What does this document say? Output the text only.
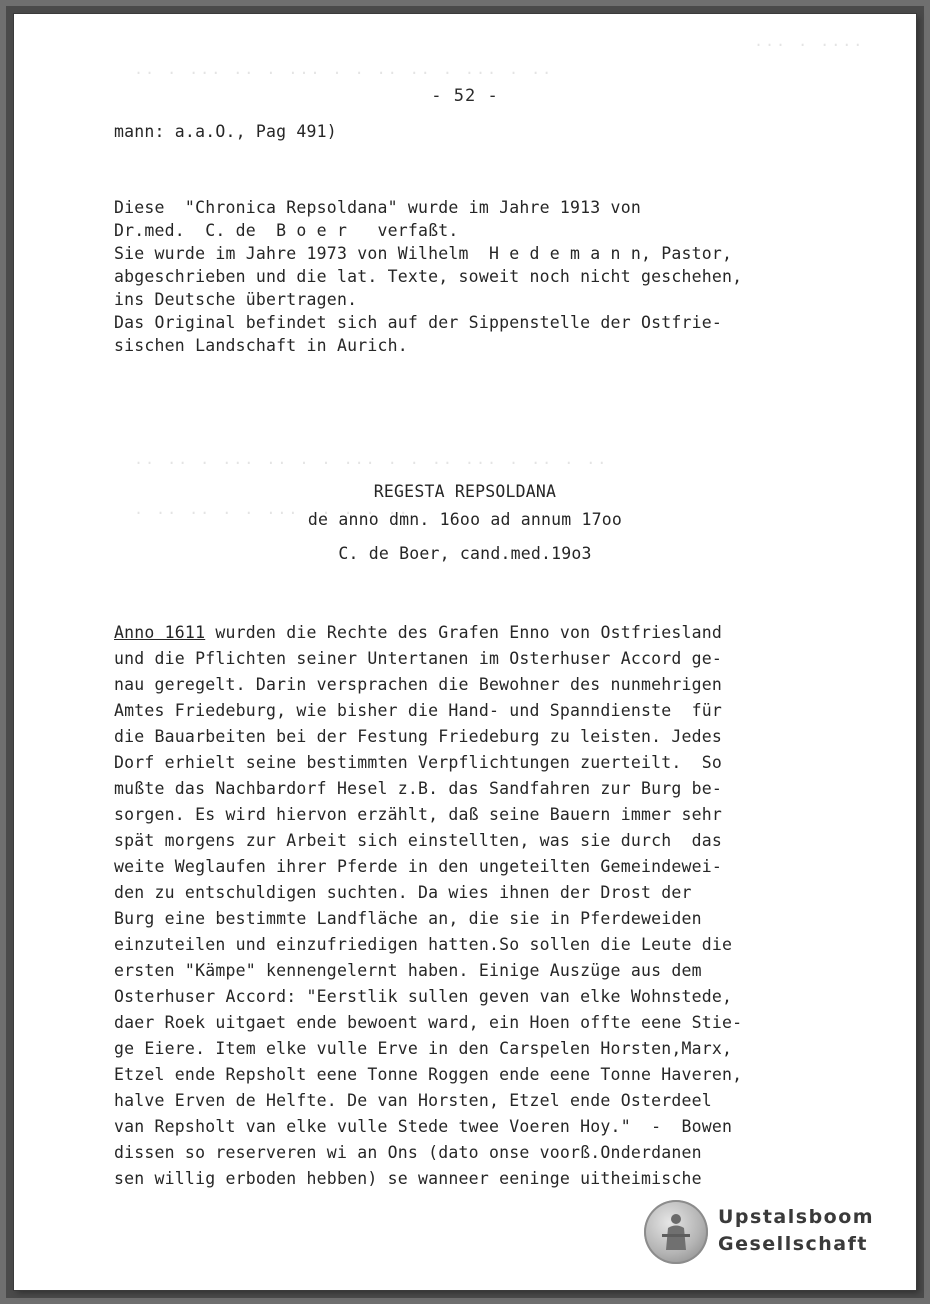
··· · ····
·· · ··· ·· · ··· · · ·· ·· · ··· · ··
·· ·· · ··· ·· · · ··· · · ·· ··· · ·· · ··
· ·· ·· · · ··· ·· · · ··
- 52 -
mann: a.a.O., Pag 491)
Diese  "Chronica Repsoldana" wurde im Jahre 1913 von
Dr.med.  C. de  B o e r   verfaßt.
Sie wurde im Jahre 1973 von Wilhelm  H e d e m a n n, Pastor,
abgeschrieben und die lat. Texte, soweit noch nicht geschehen,
ins Deutsche übertragen.
Das Original befindet sich auf der Sippenstelle der Ostfrie-
sischen Landschaft in Aurich.
REGESTA REPSOLDANA
de anno dmn. 16oo ad annum 17oo
C. de Boer, cand.med.19o3
Anno 1611 wurden die Rechte des Grafen Enno von Ostfriesland
und die Pflichten seiner Untertanen im Osterhuser Accord ge-
nau geregelt. Darin versprachen die Bewohner des nunmehrigen
Amtes Friedeburg, wie bisher die Hand- und Spanndienste  für
die Bauarbeiten bei der Festung Friedeburg zu leisten. Jedes
Dorf erhielt seine bestimmten Verpflichtungen zuerteilt.  So
mußte das Nachbardorf Hesel z.B. das Sandfahren zur Burg be-
sorgen. Es wird hiervon erzählt, daß seine Bauern immer sehr
spät morgens zur Arbeit sich einstellten, was sie durch  das
weite Weglaufen ihrer Pferde in den ungeteilten Gemeindewei-
den zu entschuldigen suchten. Da wies ihnen der Drost der
Burg eine bestimmte Landfläche an, die sie in Pferdeweiden
einzuteilen und einzufriedigen hatten.So sollen die Leute die
ersten "Kämpe" kennengelernt haben. Einige Auszüge aus dem
Osterhuser Accord: "Eerstlik sullen geven van elke Wohnstede,
daer Roek uitgaet ende bewoent ward, ein Hoen offte eene Stie-
ge Eiere. Item elke vulle Erve in den Carspelen Horsten,Marx,
Etzel ende Repsholt eene Tonne Roggen ende eene Tonne Haveren,
halve Erven de Helfte. De van Horsten, Etzel ende Osterdeel
van Repsholt van elke vulle Stede twee Voeren Hoy."  -  Bowen
dissen so reserveren wi an Ons (dato onse voorß.Onderdanen
sen willig erboden hebben) se wanneer eeninge uitheimische
Upstalsboom
Gesellschaft
